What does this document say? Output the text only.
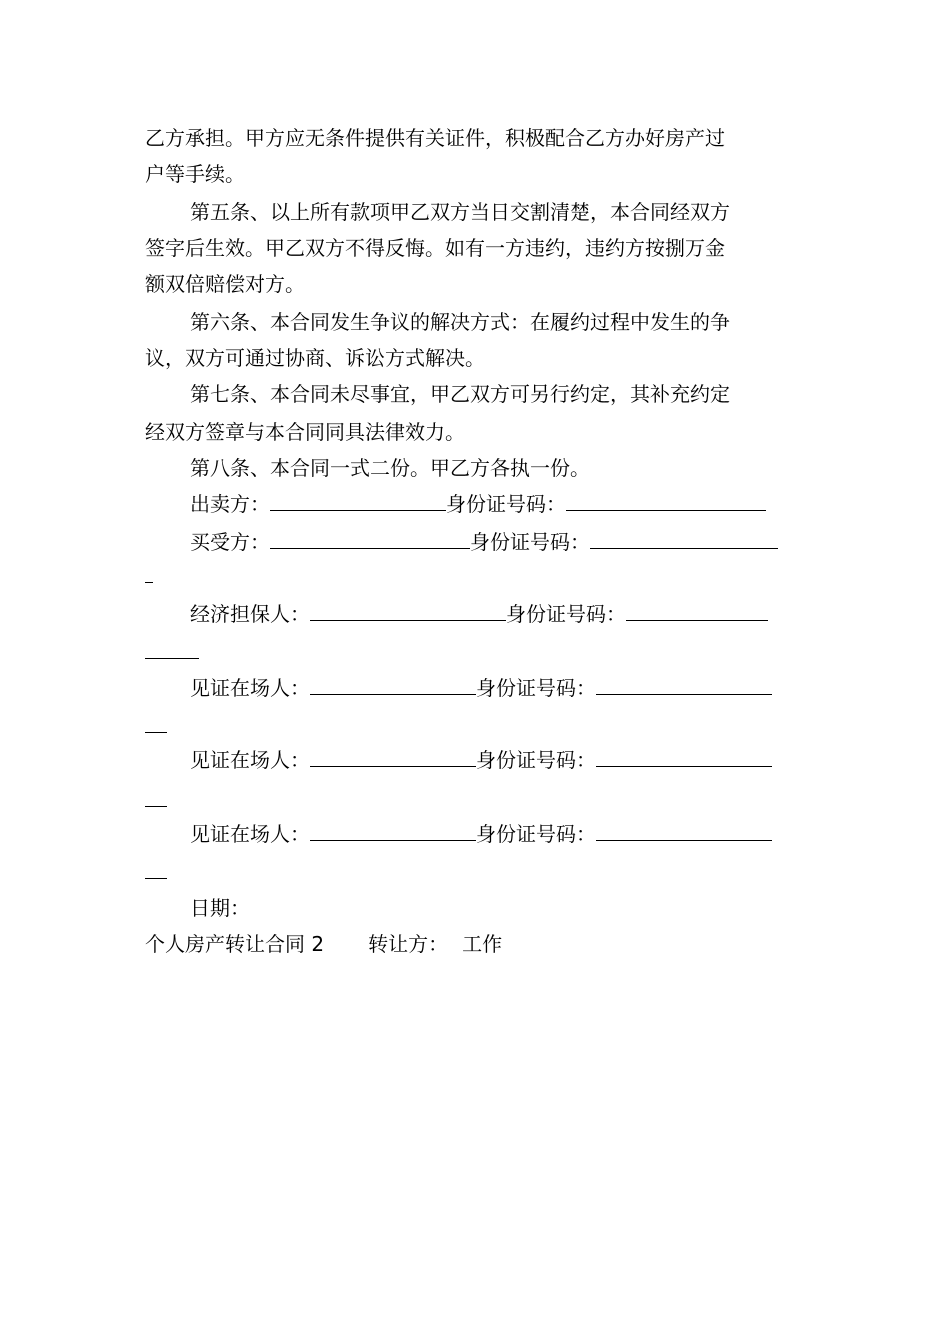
乙方承担。甲方应无条件提供有关证件，积极配合乙方办好房产过
户等手续。
第五条、以上所有款项甲乙双方当日交割清楚，本合同经双方
签字后生效。甲乙双方不得反悔。如有一方违约，违约方按捌万金
额双倍赔偿对方。
第六条、本合同发生争议的解决方式：在履约过程中发生的争
议，双方可通过协商、诉讼方式解决。
第七条、本合同未尽事宜，甲乙双方可另行约定，其补充约定
经双方签章与本合同同具法律效力。
第八条、本合同一式二份。甲乙方各执一份。
出卖方：	身份证号码：
买受方：	身份证号码：
经济担保人：	身份证号码：
见证在场人：	身份证号码：
见证在场人：	身份证号码：
见证在场人：	身份证号码：
日期：
个人房产转让合同 2 转让方： 工作
